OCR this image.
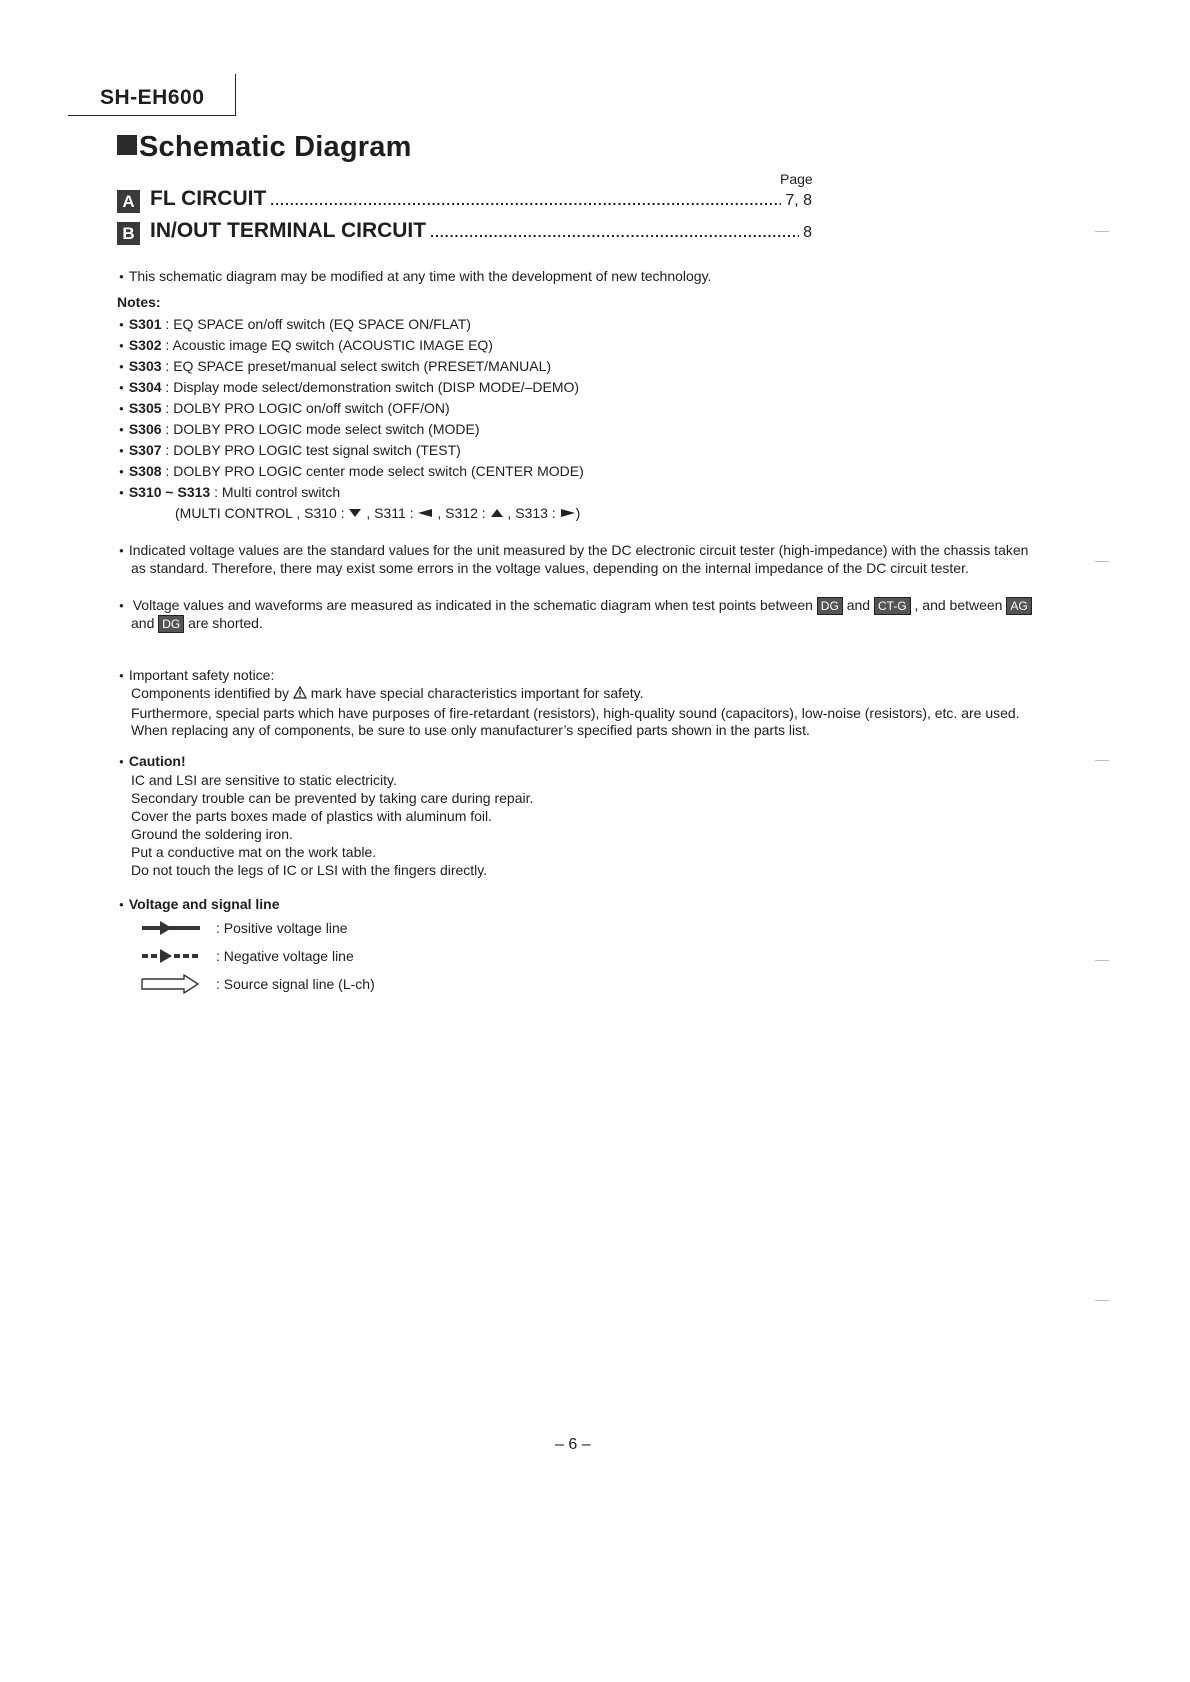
SH-EH600
Schematic Diagram
Page
A FL CIRCUIT .....	7, 8
B IN/OUT TERMINAL CIRCUIT .....	8
● This schematic diagram may be modified at any time with the development of new technology.
Notes:
● S301 : EQ SPACE on/off switch (EQ SPACE ON/FLAT)
● S302 : Acoustic image EQ switch (ACOUSTIC IMAGE EQ)
● S303 : EQ SPACE preset/manual select switch (PRESET/MANUAL)
● S304 : Display mode select/demonstration switch (DISP MODE/–DEMO)
● S305 : DOLBY PRO LOGIC on/off switch (OFF/ON)
● S306 : DOLBY PRO LOGIC mode select switch (MODE)
● S307 : DOLBY PRO LOGIC test signal switch (TEST)
● S308 : DOLBY PRO LOGIC center mode select switch (CENTER MODE)
● S310 ~ S313 : Multi control switch
(MULTI CONTROL , S310 : , S311 : , S312 : , S313 : )
● Indicated voltage values are the standard values for the unit measured by the DC electronic circuit tester (high-impedance) with the chassis taken
as standard. Therefore, there may exist some errors in the voltage values, depending on the internal impedance of the DC circuit tester.
● Voltage values and waveforms are measured as indicated in the schematic diagram when test points between DG and CT-G , and between AG
and DG are shorted.
● Important safety notice:
Components identified by mark have special characteristics important for safety.
Furthermore, special parts which have purposes of fire-retardant (resistors), high-quality sound (capacitors), low-noise (resistors), etc. are used.
When replacing any of components, be sure to use only manufacturer’s specified parts shown in the parts list.
● Caution!
IC and LSI are sensitive to static electricity.
Secondary trouble can be prevented by taking care during repair.
Cover the parts boxes made of plastics with aluminum foil.
Ground the soldering iron.
Put a conductive mat on the work table.
Do not touch the legs of IC or LSI with the fingers directly.
● Voltage and signal line
: Positive voltage line
: Negative voltage line
: Source signal line (L-ch)
– 6 –
